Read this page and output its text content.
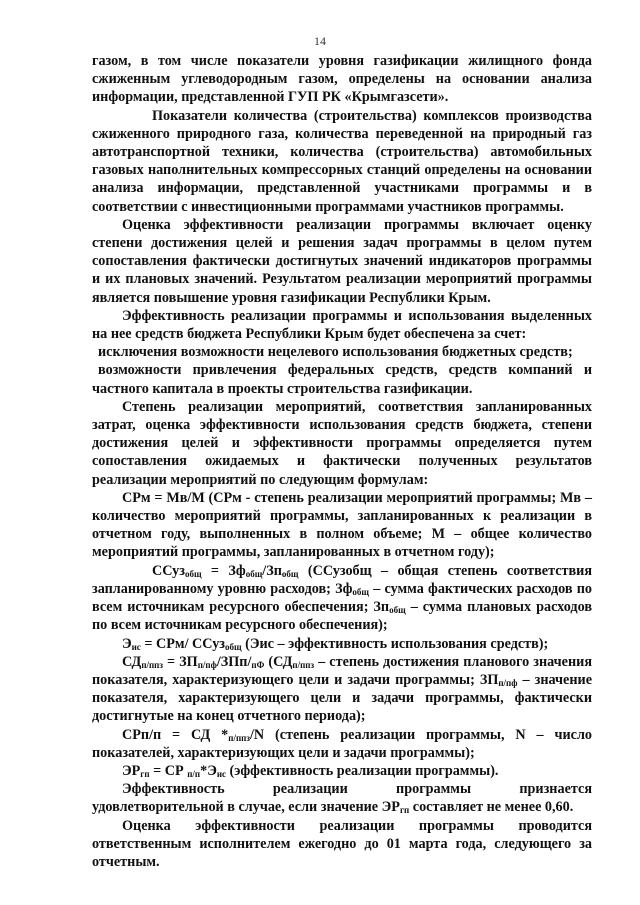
14

газом, в том числе показатели уровня газификации жилищного фонда сжиженным углеводородным газом, определены на основании анализа информации, представленной ГУП РК «Крымгазсети».

Показатели количества (строительства) комплексов производства сжиженного природного газа, количества переведенной на природный газ автотранспортной техники, количества (строительства) автомобильных газовых наполнительных компрессорных станций определены на основании анализа информации, представленной участниками программы и в соответствии с инвестиционными программами участников программы.

Оценка эффективности реализации программы включает оценку степени достижения целей и решения задач программы в целом путем сопоставления фактически достигнутых значений индикаторов программы и их плановых значений. Результатом реализации мероприятий программы является повышение уровня газификации Республики Крым.

Эффективность реализации программы и использования выделенных на нее средств бюджета Республики Крым будет обеспечена за счет:

исключения возможности нецелевого использования бюджетных средств;

возможности привлечения федеральных средств, средств компаний и частного капитала в проекты строительства газификации.

Степень реализации мероприятий, соответствия запланированных затрат, оценка эффективности использования средств бюджета, степени достижения целей и эффективности программы определяется путем сопоставления ожидаемых и фактически полученных результатов реализации мероприятий по следующим формулам:

СРм = Мв/М (СРм - степень реализации мероприятий программы; Мв – количество мероприятий программы, запланированных к реализации в отчетном году, выполненных в полном объеме; М – общее количество мероприятий программы, запланированных в отчетном году);

ССуз$_{общ}$ = $Зф_{общ}/Зп_{общ}$ (ССузобщ – общая степень соответствия запланированному уровню расходов; $Зф_{общ}$ – сумма фактических расходов по всем источникам ресурсного обеспечения; $Зп_{общ}$ – сумма плановых расходов по всем источникам ресурсного обеспечения);

$Э_{ис} = СРм/$ ССуз$_{общ}$ (Эис – эффективность использования средств);

$СД_{п/ппз} = ЗП_{п/пф}/ЗПп/_{пФ}$ ($СД_{п/ппз}$ – степень достижения планового значения показателя, характеризующего цели и задачи программы; $ЗП_{п/пф}$ – значение показателя, характеризующего цели и задачи программы, фактически достигнутые на конец отчетного периода);

СРп/п = СД $*_{п/ппз}/N$ (степень реализации программы, N – число показателей, характеризующих цели и задачи программы);

$ЭР_{гп}$ = СР $_{п/п}*Э_{ис}$ (эффективность реализации программы).

Эффективность реализации программы признается удовлетворительной в случае, если значение $ЭР_{гп}$ составляет не менее 0,60.

Оценка эффективности реализации программы проводится ответственным исполнителем ежегодно до 01 марта года, следующего за отчетным.
